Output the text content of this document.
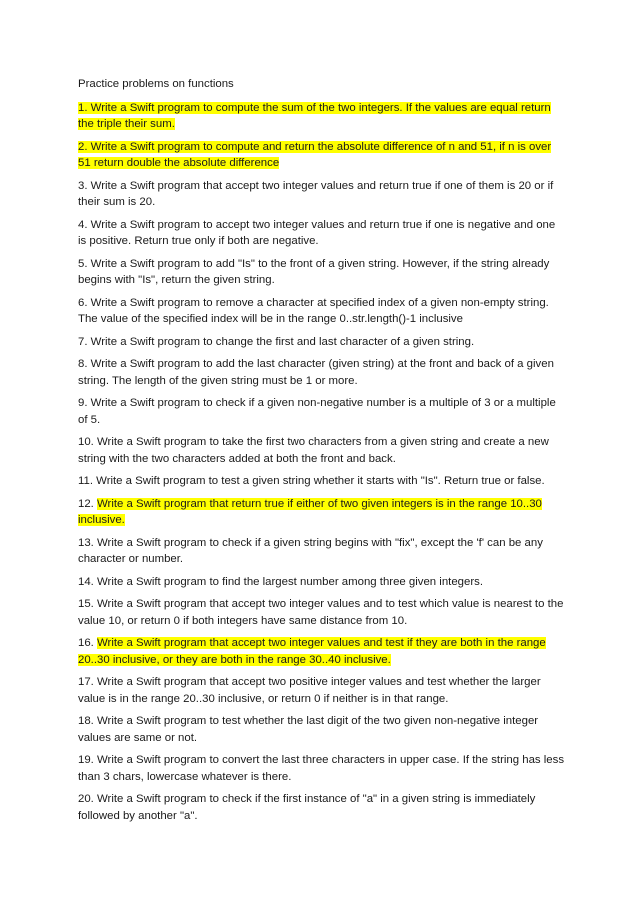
Practice problems on functions

1. Write a Swift program to compute the sum of the two integers. If the values are equal return the triple their sum.

2. Write a Swift program to compute and return the absolute difference of n and 51, if n is over 51 return double the absolute difference

3. Write a Swift program that accept two integer values and return true if one of them is 20 or if their sum is 20.

4. Write a Swift program to accept two integer values and return true if one is negative and one is positive. Return true only if both are negative.

5. Write a Swift program to add "Is" to the front of a given string. However, if the string already begins with "Is", return the given string.

6. Write a Swift program to remove a character at specified index of a given non-empty string. The value of the specified index will be in the range 0..str.length()-1 inclusive

7. Write a Swift program to change the first and last character of a given string.

8. Write a Swift program to add the last character (given string) at the front and back of a given string. The length of the given string must be 1 or more.

9. Write a Swift program to check if a given non-negative number is a multiple of 3 or a multiple of 5.

10. Write a Swift program to take the first two characters from a given string and create a new string with the two characters added at both the front and back.

11. Write a Swift program to test a given string whether it starts with "Is". Return true or false.

12. Write a Swift program that return true if either of two given integers is in the range 10..30 inclusive.

13. Write a Swift program to check if a given string begins with "fix", except the 'f' can be any character or number.

14. Write a Swift program to find the largest number among three given integers.

15. Write a Swift program that accept two integer values and to test which value is nearest to the value 10, or return 0 if both integers have same distance from 10.

16. Write a Swift program that accept two integer values and test if they are both in the range 20..30 inclusive, or they are both in the range 30..40 inclusive.

17. Write a Swift program that accept two positive integer values and test whether the larger value is in the range 20..30 inclusive, or return 0 if neither is in that range.

18. Write a Swift program to test whether the last digit of the two given non-negative integer values are same or not.

19. Write a Swift program to convert the last three characters in upper case. If the string has less than 3 chars, lowercase whatever is there.

20. Write a Swift program to check if the first instance of "a" in a given string is immediately followed by another "a".
